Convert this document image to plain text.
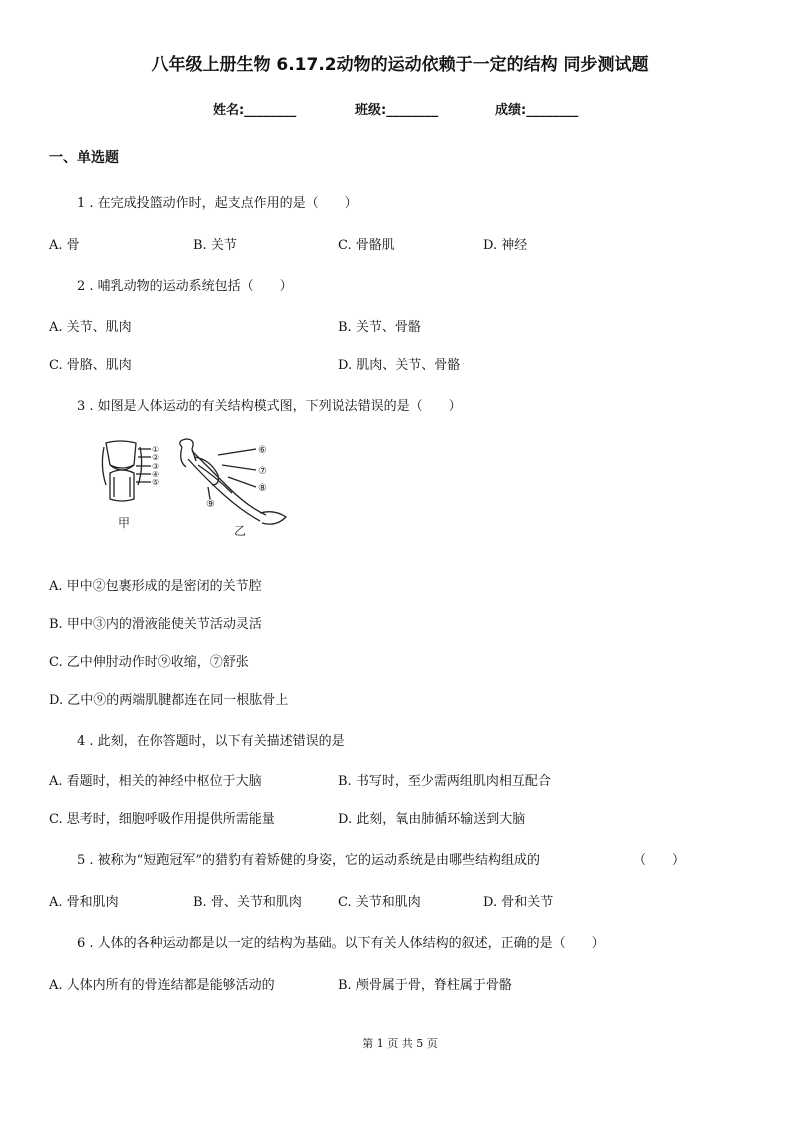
八年级上册生物 6.17.2动物的运动依赖于一定的结构 同步测试题
姓名:________	班级:________	成绩:________
一、单选题
1 . 在完成投篮动作时，起支点作用的是（　　）
A. 骨	B. 关节	C. 骨骼肌	D. 神经
2 . 哺乳动物的运动系统包括（　　）
A. 关节、肌肉	B. 关节、骨骼
C. 骨胳、肌肉	D. 肌肉、关节、骨骼
3 . 如图是人体运动的有关结构模式图，下列说法错误的是（　　）
①
②
③
④
⑤
⑥
⑦
⑧
⑨
甲
乙
A. 甲中②包裹形成的是密闭的关节腔
B. 甲中③内的滑液能使关节活动灵活
C. 乙中伸肘动作时⑨收缩，⑦舒张
D. 乙中⑨的两端肌腱都连在同一根肱骨上
4 . 此刻，在你答题时，以下有关描述错误的是
A. 看题时，相关的神经中枢位于大脑	B. 书写时，至少需两组肌肉相互配合
C. 思考时，细胞呼吸作用提供所需能量	D. 此刻，氧由肺循环输送到大脑
5 . 被称为“短跑冠军”的猎豹有着矫健的身姿，它的运动系统是由哪些结构组成的	（　　）
A. 骨和肌肉	B. 骨、关节和肌肉	C. 关节和肌肉	D. 骨和关节
6 . 人体的各种运动都是以一定的结构为基础。以下有关人体结构的叙述，正确的是（　　）
A. 人体内所有的骨连结都是能够活动的	B. 颅骨属于骨，脊柱属于骨骼
第 1 页 共 5 页
